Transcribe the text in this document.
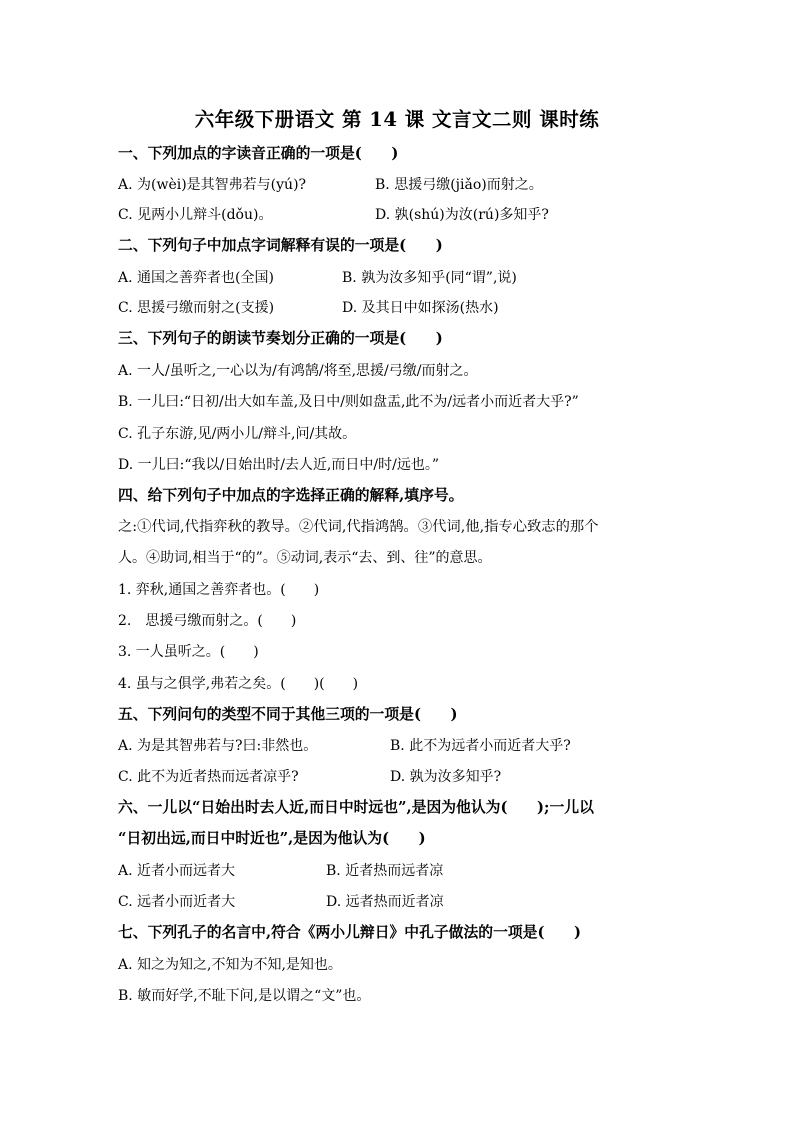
六年级下册语文 第 14 课 文言文二则 课时练
一、下列加点的字读音正确的一项是(　　)
A. 为(wèi)是其智弗若与(yú)?	B. 思援弓缴(jiǎo)而射之。
C. 见两小儿辩斗(dǒu)。	D. 孰(shú)为汝(rú)多知乎?
二、下列句子中加点字词解释有误的一项是(　　)
A. 通国之善弈者也(全国)	B. 孰为汝多知乎(同“谓”,说)
C. 思援弓缴而射之(支援)	D. 及其日中如探汤(热水)
三、下列句子的朗读节奏划分正确的一项是(　　)
A. 一人/虽听之,一心以为/有鸿鹄/将至,思援/弓缴/而射之。
B. 一儿曰:“日初/出大如车盖,及日中/则如盘盂,此不为/远者小而近者大乎?”
C. 孔子东游,见/两小儿/辩斗,问/其故。
D. 一儿曰:“我以/日始出时/去人近,而日中/时/远也。”
四、给下列句子中加点的字选择正确的解释,填序号。
之:①代词,代指弈秋的教导。②代词,代指鸿鹄。③代词,他,指专心致志的那个
人。④助词,相当于“的”。⑤动词,表示“去、到、往”的意思。
1. 弈秋,通国之善弈者也。(　　)
2.　思援弓缴而射之。(　　)
3. 一人虽听之。(　　)
4. 虽与之俱学,弗若之矣。(　　)(　　)
五、下列问句的类型不同于其他三项的一项是(　　)
A. 为是其智弗若与?曰:非然也。	B. 此不为远者小而近者大乎?
C. 此不为近者热而远者凉乎?	D. 孰为汝多知乎?
六、一儿以“日始出时去人近,而日中时远也”,是因为他认为(　　);一儿以
“日初出远,而日中时近也”,是因为他认为(　　)
A. 近者小而远者大	B. 近者热而远者凉
C. 远者小而近者大	D. 远者热而近者凉
七、下列孔子的名言中,符合《两小儿辩日》中孔子做法的一项是(　　)
A. 知之为知之,不知为不知,是知也。
B. 敏而好学,不耻下问,是以谓之“文”也。
